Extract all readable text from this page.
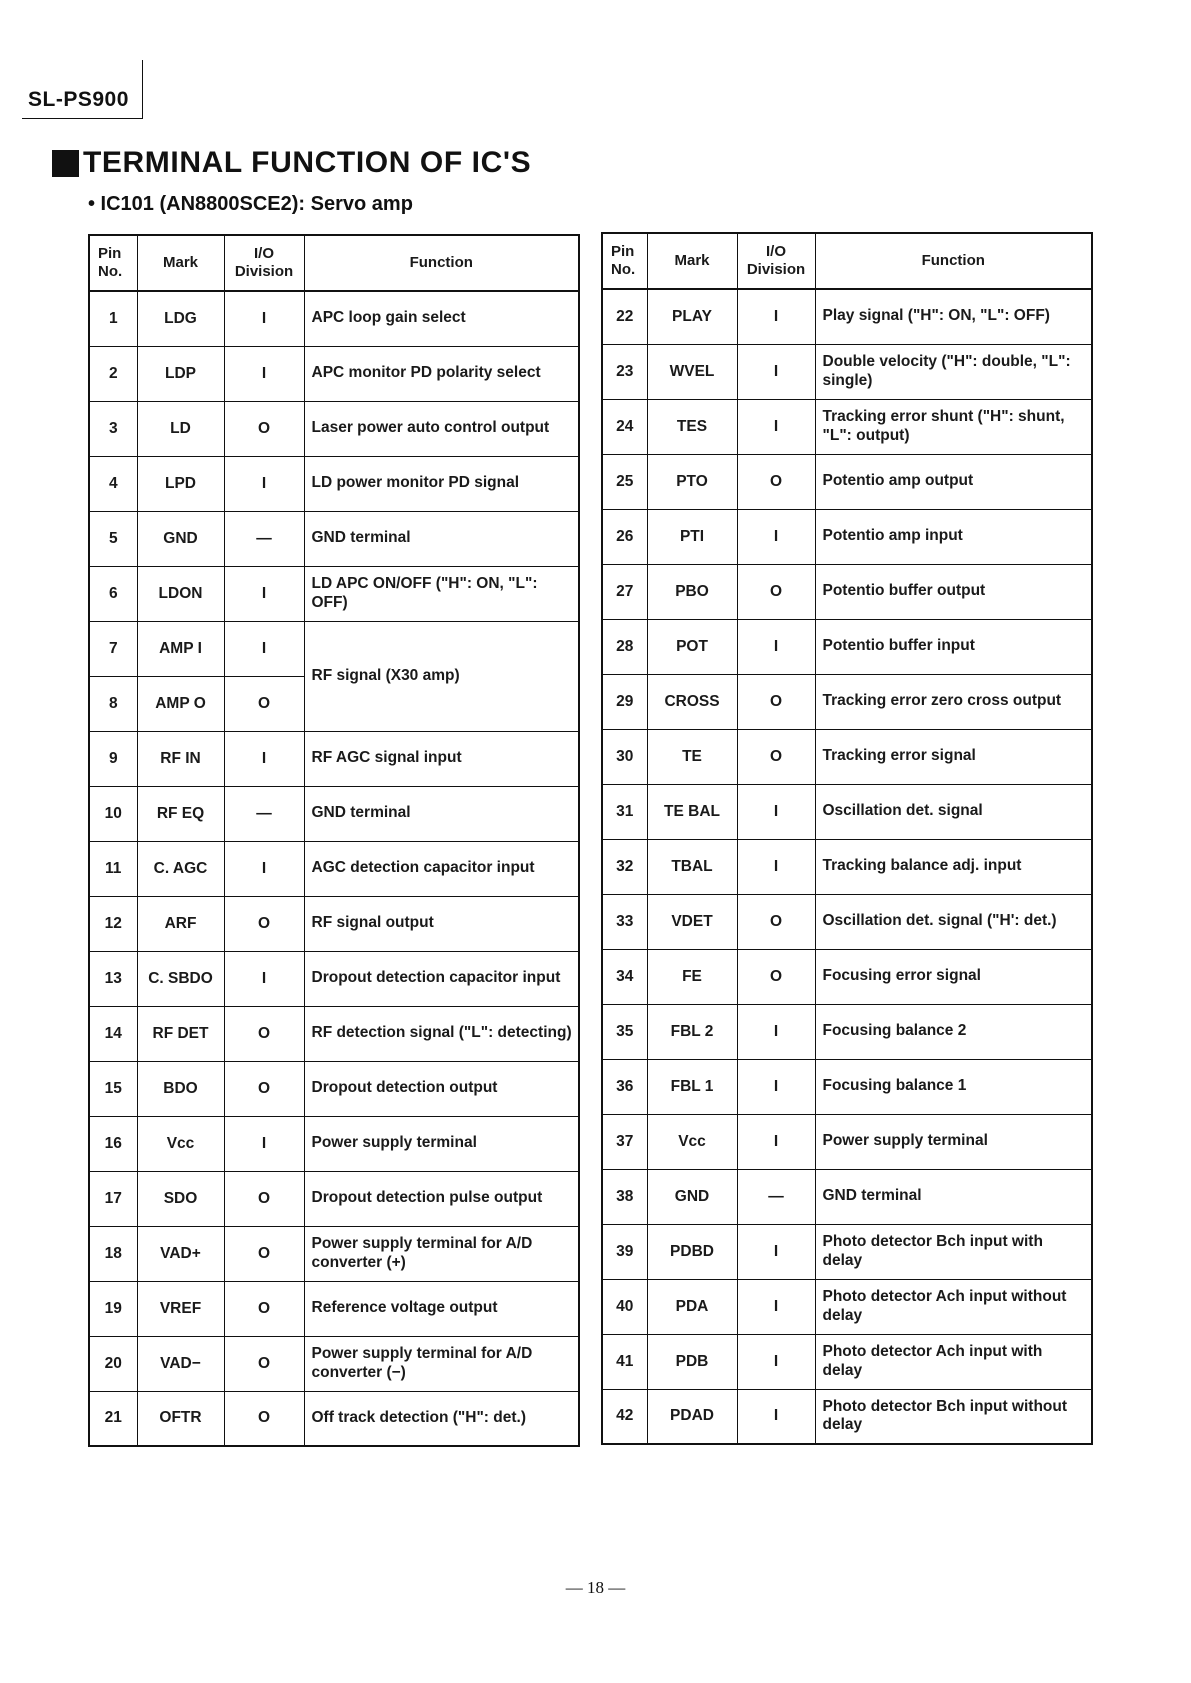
SL-PS900
TERMINAL FUNCTION OF IC'S
• IC101 (AN8800SCE2): Servo amp
Pin No.	Mark	I/O Division	Function
1	LDG	I	APC loop gain select
2	LDP	I	APC monitor PD polarity select
3	LD	O	Laser power auto control output
4	LPD	I	LD power monitor PD signal
5	GND	—	GND terminal
6	LDON	I	LD APC ON/OFF ("H": ON, "L": OFF)
7	AMP I	I	RF signal (X30 amp)
8	AMP O	O	
9	RF IN	I	RF AGC signal input
10	RF EQ	—	GND terminal
11	C. AGC	I	AGC detection capacitor input
12	ARF	O	RF signal output
13	C. SBDO	I	Dropout detection capacitor input
14	RF DET	O	RF detection signal ("L": detecting)
15	BDO	O	Dropout detection output
16	Vcc	I	Power supply terminal
17	SDO	O	Dropout detection pulse output
18	VAD+	O	Power supply terminal for A/D converter (+)
19	VREF	O	Reference voltage output
20	VAD−	O	Power supply terminal for A/D converter (−)
21	OFTR	O	Off track detection ("H": det.)
Pin No.	Mark	I/O Division	Function
22	PLAY	I	Play signal ("H": ON, "L": OFF)
23	WVEL	I	Double velocity ("H": double, "L": single)
24	TES	I	Tracking error shunt ("H": shunt, "L": output)
25	PTO	O	Potentio amp output
26	PTI	I	Potentio amp input
27	PBO	O	Potentio buffer output
28	POT	I	Potentio buffer input
29	CROSS	O	Tracking error zero cross output
30	TE	O	Tracking error signal
31	TE BAL	I	Oscillation det. signal
32	TBAL	I	Tracking balance adj. input
33	VDET	O	Oscillation det. signal ("H': det.)
34	FE	O	Focusing error signal
35	FBL 2	I	Focusing balance 2
36	FBL 1	I	Focusing balance 1
37	Vcc	I	Power supply terminal
38	GND	—	GND terminal
39	PDBD	I	Photo detector Bch input with delay
40	PDA	I	Photo detector Ach input without delay
41	PDB	I	Photo detector Ach input with delay
42	PDAD	I	Photo detector Bch input without delay
— 18 —
